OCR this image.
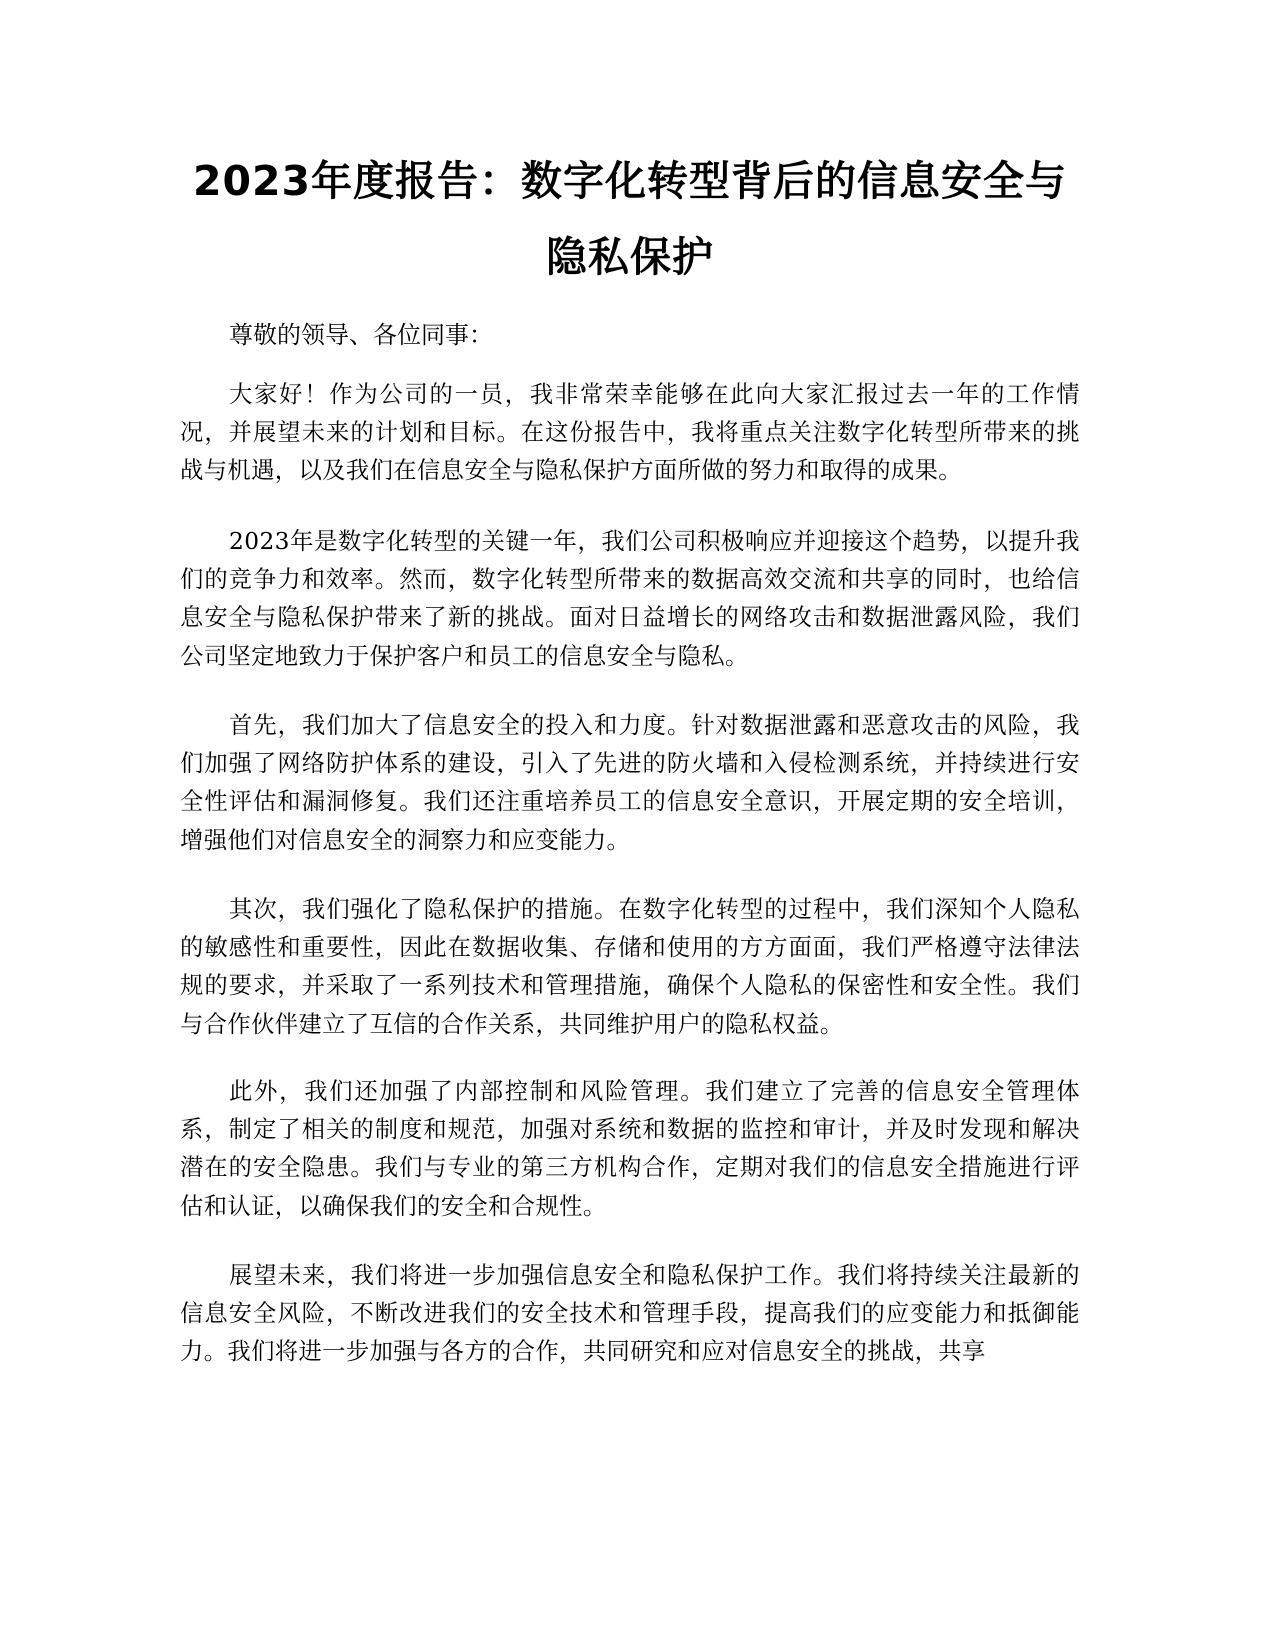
2023年度报告：数字化转型背后的信息安全与隐私保护

尊敬的领导、各位同事：

大家好！作为公司的一员，我非常荣幸能够在此向大家汇报过去一年的工作情况，并展望未来的计划和目标。在这份报告中，我将重点关注数字化转型所带来的挑战与机遇，以及我们在信息安全与隐私保护方面所做的努力和取得的成果。

2023年是数字化转型的关键一年，我们公司积极响应并迎接这个趋势，以提升我们的竞争力和效率。然而，数字化转型所带来的数据高效交流和共享的同时，也给信息安全与隐私保护带来了新的挑战。面对日益增长的网络攻击和数据泄露风险，我们公司坚定地致力于保护客户和员工的信息安全与隐私。

首先，我们加大了信息安全的投入和力度。针对数据泄露和恶意攻击的风险，我们加强了网络防护体系的建设，引入了先进的防火墙和入侵检测系统，并持续进行安全性评估和漏洞修复。我们还注重培养员工的信息安全意识，开展定期的安全培训，增强他们对信息安全的洞察力和应变能力。

其次，我们强化了隐私保护的措施。在数字化转型的过程中，我们深知个人隐私的敏感性和重要性，因此在数据收集、存储和使用的方方面面，我们严格遵守法律法规的要求，并采取了一系列技术和管理措施，确保个人隐私的保密性和安全性。我们与合作伙伴建立了互信的合作关系，共同维护用户的隐私权益。

此外，我们还加强了内部控制和风险管理。我们建立了完善的信息安全管理体系，制定了相关的制度和规范，加强对系统和数据的监控和审计，并及时发现和解决潜在的安全隐患。我们与专业的第三方机构合作，定期对我们的信息安全措施进行评估和认证，以确保我们的安全和合规性。

展望未来，我们将进一步加强信息安全和隐私保护工作。我们将持续关注最新的信息安全风险，不断改进我们的安全技术和管理手段，提高我们的应变能力和抵御能力。我们将进一步加强与各方的合作，共同研究和应对信息安全的挑战，共享
